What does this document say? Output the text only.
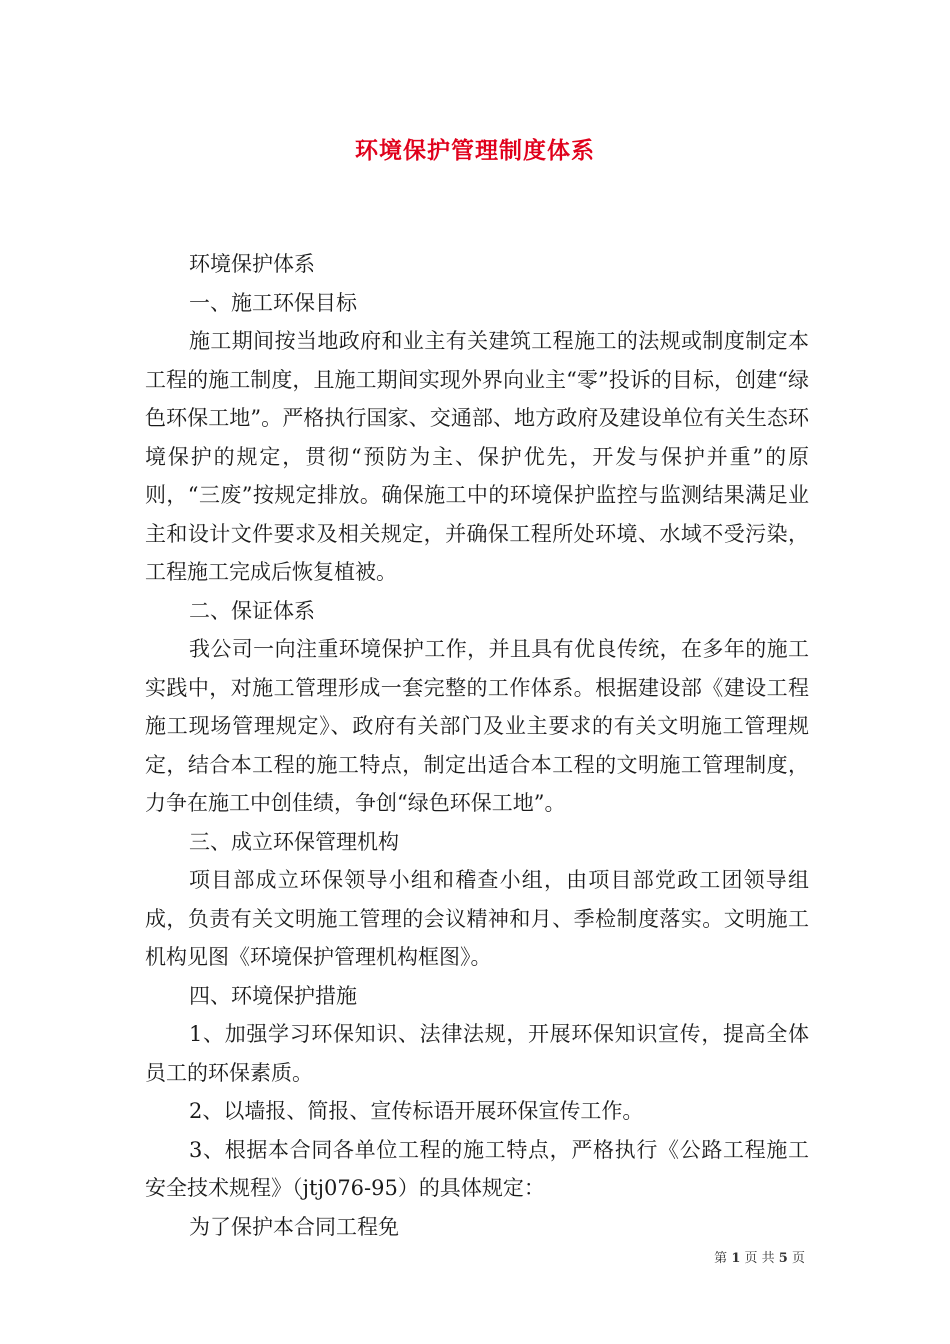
环境保护管理制度体系

环境保护体系

一、施工环保目标

施工期间按当地政府和业主有关建筑工程施工的法规或制度制定本工程的施工制度，且施工期间实现外界向业主“零”投诉的目标，创建“绿色环保工地”。严格执行国家、交通部、地方政府及建设单位有关生态环境保护的规定，贯彻“预防为主、保护优先，开发与保护并重”的原则，“三废”按规定排放。确保施工中的环境保护监控与监测结果满足业主和设计文件要求及相关规定，并确保工程所处环境、水域不受污染，工程施工完成后恢复植被。

二、保证体系

我公司一向注重环境保护工作，并且具有优良传统，在多年的施工实践中，对施工管理形成一套完整的工作体系。根据建设部《建设工程施工现场管理规定》、政府有关部门及业主要求的有关文明施工管理规定，结合本工程的施工特点，制定出适合本工程的文明施工管理制度，力争在施工中创佳绩，争创“绿色环保工地”。

三、成立环保管理机构

项目部成立环保领导小组和稽查小组，由项目部党政工团领导组成，负责有关文明施工管理的会议精神和月、季检制度落实。文明施工机构见图《环境保护管理机构框图》。

四、环境保护措施

1、加强学习环保知识、法律法规，开展环保知识宣传，提高全体员工的环保素质。

2、以墙报、简报、宣传标语开展环保宣传工作。

3、根据本合同各单位工程的施工特点，严格执行《公路工程施工安全技术规程》（jtj076-95）的具体规定：

为了保护本合同工程免

第 1 页 共 5 页
